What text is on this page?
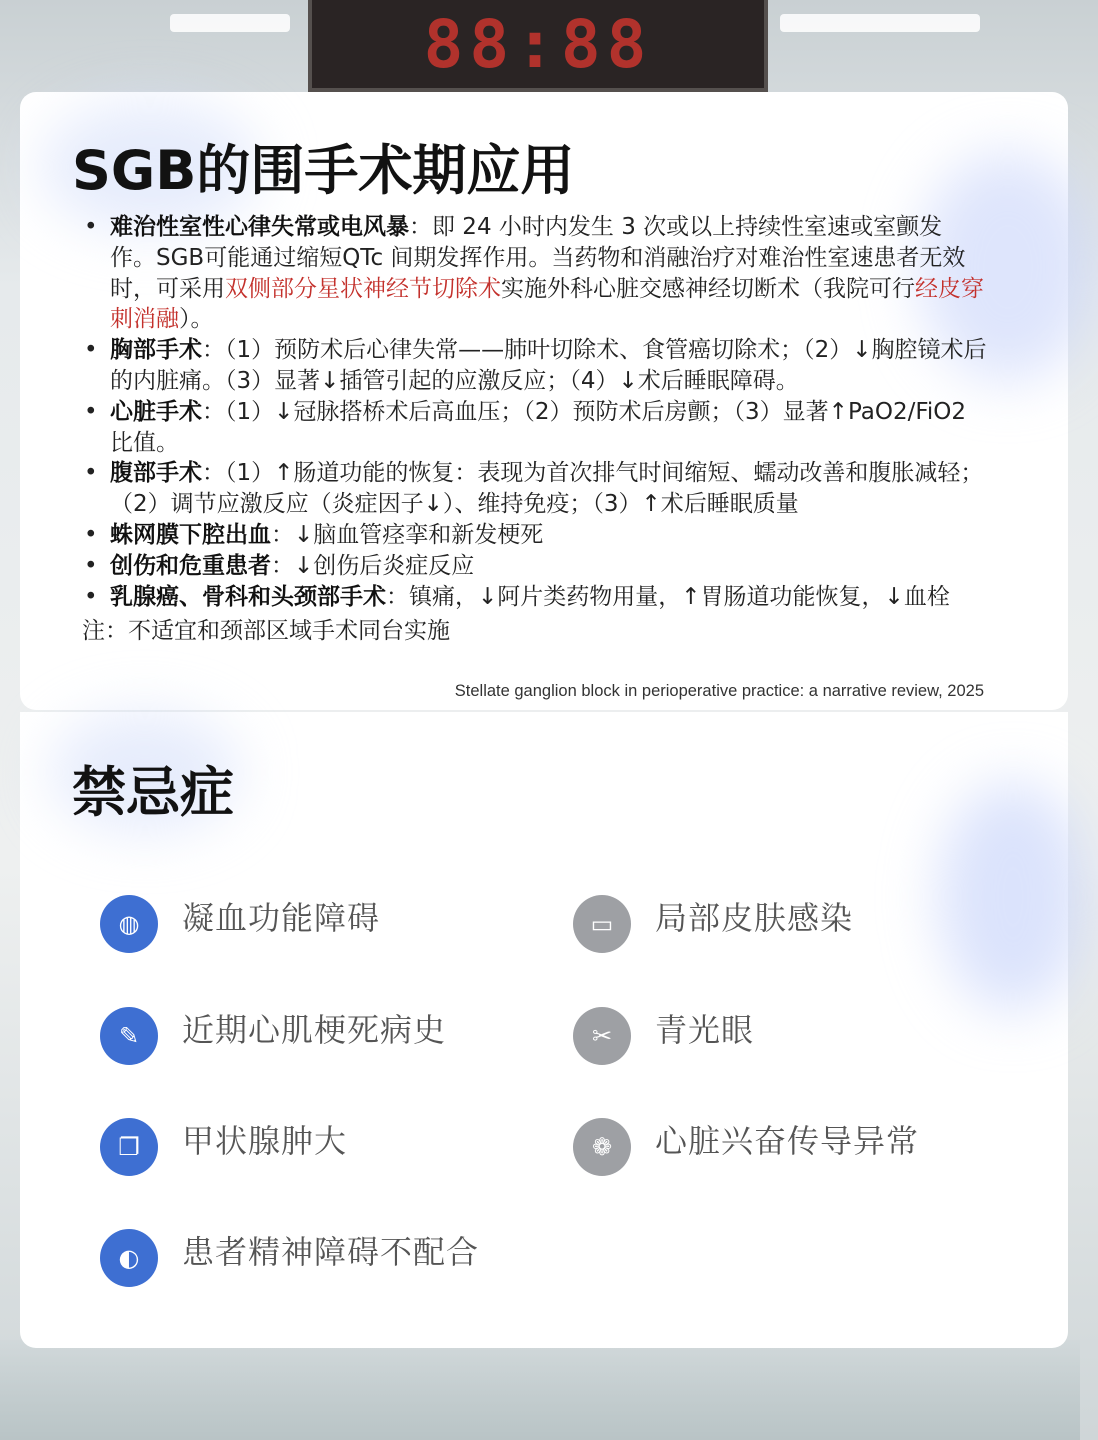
88:88
SGB的围手术期应用
• 难治性室性心律失常或电风暴：即 24 小时内发生 3 次或以上持续性室速或室颤发作。SGB可能通过缩短QTc 间期发挥作用。当药物和消融治疗对难治性室速患者无效时，可采用双侧部分星状神经节切除术实施外科心脏交感神经切断术（我院可行经皮穿刺消融）。
• 胸部手术：（1）预防术后心律失常——肺叶切除术、食管癌切除术；（2）↓胸腔镜术后的内脏痛。（3）显著↓插管引起的应激反应；（4）↓术后睡眠障碍。
• 心脏手术：（1）↓冠脉搭桥术后高血压；（2）预防术后房颤；（3）显著↑PaO2/FiO2 比值。
• 腹部手术：（1）↑肠道功能的恢复：表现为首次排气时间缩短、蠕动改善和腹胀减轻；（2）调节应激反应（炎症因子↓）、维持免疫；（3）↑术后睡眠质量
• 蛛网膜下腔出血：↓脑血管痉挛和新发梗死
• 创伤和危重患者：↓创伤后炎症反应
• 乳腺癌、骨科和头颈部手术：镇痛，↓阿片类药物用量，↑胃肠道功能恢复，↓血栓
注：不适宜和颈部区域手术同台实施
Stellate ganglion block in perioperative practice: a narrative review, 2025
禁忌症
◍	凝血功能障碍	▭	局部皮肤感染
✎	近期心肌梗死病史	✂	青光眼
❐	甲状腺肿大	❁	心脏兴奋传导异常
◐	患者精神障碍不配合
